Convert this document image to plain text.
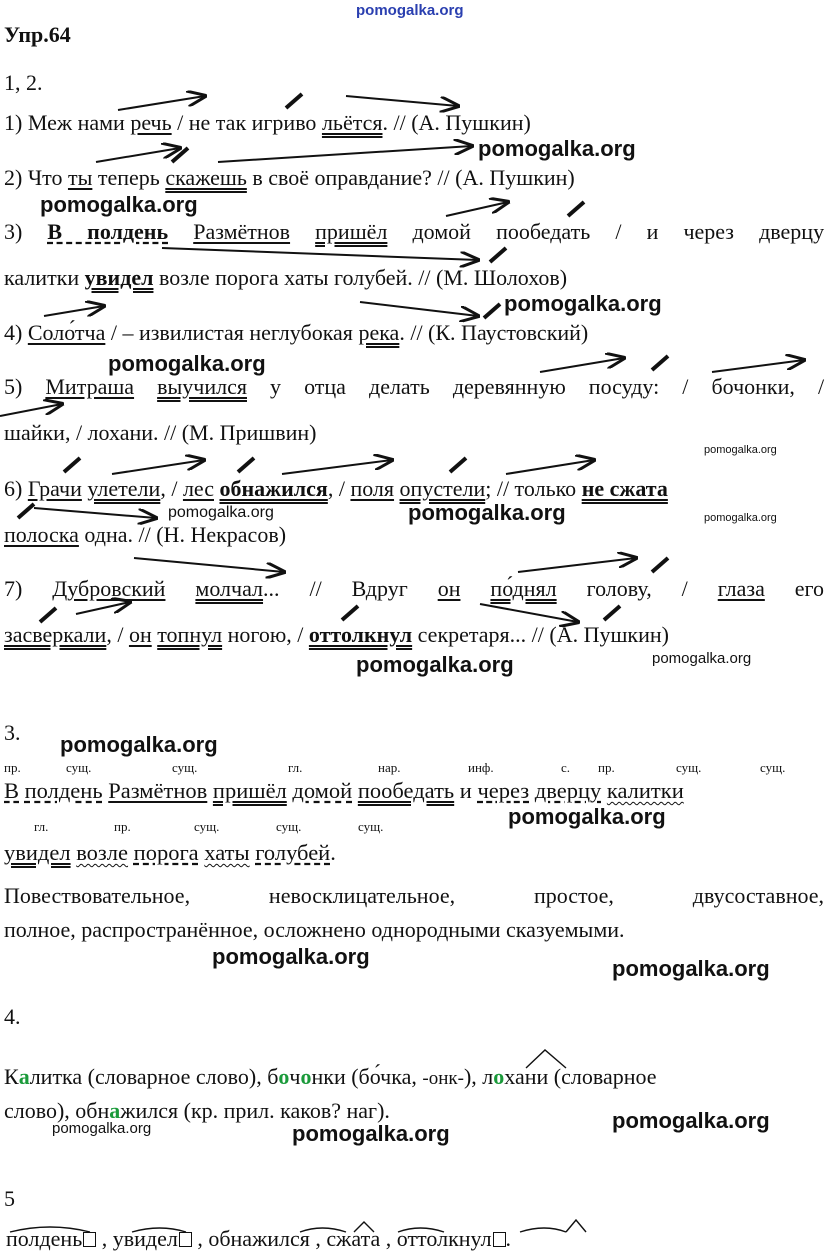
pomogalka.org
Упр.64
1, 2.
1) Меж нами речь / не так игриво льётся. // (А. Пушкин)
pomogalka.org
2) Что ты теперь скажешь в своё оправдание? // (А. Пушкин)
pomogalka.org
3) В полдень Размётнов пришёл домой пообедать / и через дверцу
калитки увидел возле порога хаты голубей. // (М. Шолохов)
pomogalka.org
4) Соло́тча / – извилистая неглубокая река. // (К. Паустовский)
pomogalka.org
5) Митраша выучился у отца делать деревянную посуду: / бочонки, /
шайки, / лохани. // (М. Пришвин)
pomogalka.org
6) Грачи улетели, / лес обнажился, / поля опустели; // только не сжата
pomogalka.org	pomogalka.org	pomogalka.org
полоска одна. // (Н. Некрасов)
7) Дубровский молчал... // Вдруг он по́днял голову, / глаза его
засверкали, / он топнул ногою, / оттолкнул секретаря... // (А. Пушкин)
pomogalka.org	pomogalka.org
3. pomogalka.org
пр.	сущ.	сущ.	гл.	нар.	инф.	с. пр.	сущ.	сущ.
В полдень Размётнов пришёл домой пообедать и через дверцу калитки
pomogalka.org
гл.	пр.	сущ.	сущ.	сущ.
увидел возле порога хаты голубей.
Повествовательное,	невосклицательное,	простое,	двусоставное,
полное, распространённое, осложнено однородными сказуемыми.
pomogalka.org	pomogalka.org
4.
Калитка (словарное слово), бочонки (бо́чка, -онк-), лохани (словарное
слово), обнажился (кр. прил. каков? наг).
pomogalka.org	pomogalka.org
pomogalka.org
5
полдень , увидел , обнажился , сжата , оттолкнул .
